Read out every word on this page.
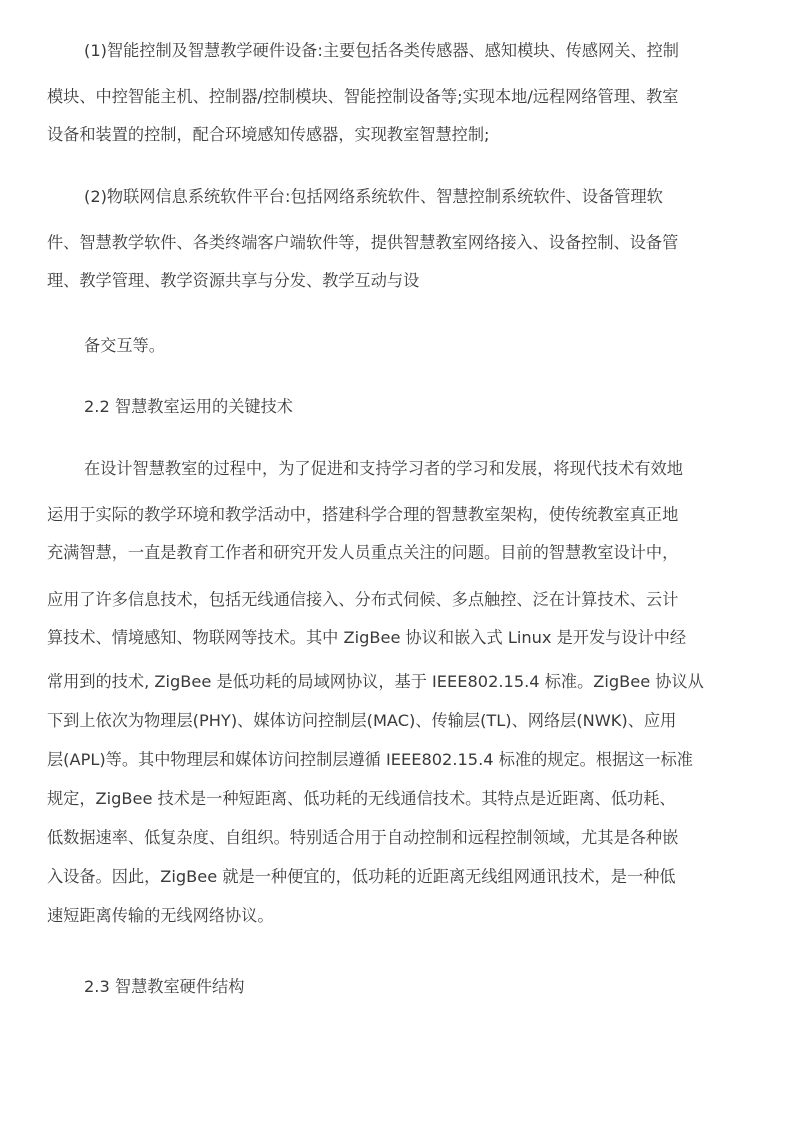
(1)智能控制及智慧教学硬件设备:主要包括各类传感器、感知模块、传感网关、控制
模块、中控智能主机、控制器/控制模块、智能控制设备等;实现本地/远程网络管理、教室
设备和装置的控制，配合环境感知传感器，实现教室智慧控制;
(2)物联网信息系统软件平台:包括网络系统软件、智慧控制系统软件、设备管理软
件、智慧教学软件、各类终端客户端软件等，提供智慧教室网络接入、设备控制、设备管
理、教学管理、教学资源共享与分发、教学互动与设
备交互等。
2.2 智慧教室运用的关键技术
在设计智慧教室的过程中，为了促进和支持学习者的学习和发展，将现代技术有效地
运用于实际的教学环境和教学活动中，搭建科学合理的智慧教室架构，使传统教室真正地
充满智慧，一直是教育工作者和研究开发人员重点关注的问题。目前的智慧教室设计中，
应用了许多信息技术，包括无线通信接入、分布式伺候、多点触控、泛在计算技术、云计
算技术、情境感知、物联网等技术。其中 ZigBee 协议和嵌入式 Linux 是开发与设计中经
常用到的技术, ZigBee 是低功耗的局域网协议，基于 IEEE802.15.4 标准。ZigBee 协议从
下到上依次为物理层(PHY)、媒体访问控制层(MAC)、传输层(TL)、网络层(NWK)、应用
层(APL)等。其中物理层和媒体访问控制层遵循 IEEE802.15.4 标准的规定。根据这一标准
规定，ZigBee 技术是一种短距离、低功耗的无线通信技术。其特点是近距离、低功耗、
低数据速率、低复杂度、自组织。特别适合用于自动控制和远程控制领域，尤其是各种嵌
入设备。因此，ZigBee 就是一种便宜的，低功耗的近距离无线组网通讯技术，是一种低
速短距离传输的无线网络协议。
2.3 智慧教室硬件结构
